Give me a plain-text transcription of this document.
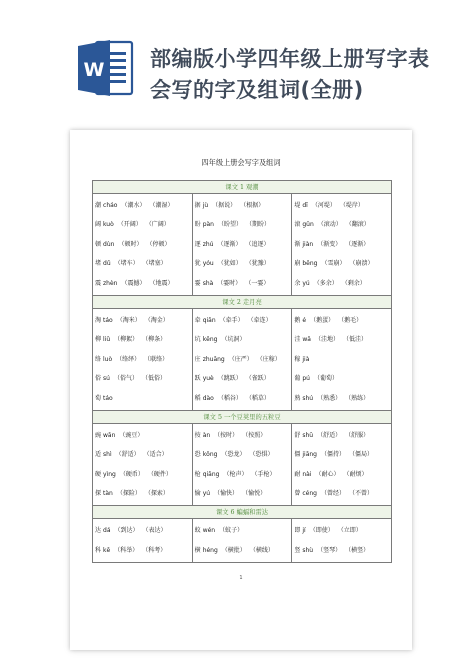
W 部编版小学四年级上册写字表
会写的字及组词(全册)
四年级上册会写字及组词
课文 1 观潮
潮 cháo （潮水） （潮湿）
阔 kuò （开阔） （广阔）
顿 dùn （顿时） （停顿）
堵 dǔ （堵车） （堵塞）
震 zhèn （震撼） （地震）
据 jù （据说） （根据）
盼 pàn （盼望） （期盼）
逐 zhú （逐渐） （追逐）
犹 yóu （犹如） （犹豫）
霎 shà （霎时） （一霎）
堤 dī （河堤） （堤岸）
滚 gǔn （滚动） （翻滚）
渐 jiàn （渐变） （逐渐）
崩 bēng （雪崩） （崩溃）
余 yú （多余） （剩余）
课文 2 走月亮
淘 táo （淘米） （淘金）
柳 liǔ （柳絮） （柳条）
络 luò （络绎） （联络）
俗 sú （俗气） （低俗）
萄 táo
牵 qiān （牵手） （牵连）
坑 kēng （坑洞）
庄 zhuāng （庄严） （庄稼）
跃 yuè （跳跃） （雀跃）
稻 dào （稻谷） （稻草）
鹅 é （鹅蛋） （鹅毛）
洼 wā （洼地） （低洼）
稼 jià
葡 pú （葡萄）
熟 shú （熟悉） （熟练）
课文 5 一个豆荚里的五粒豆
豌 wān （豌豆）
适 shì （舒适） （适合）
硬 yìng （硬币） （硬件）
探 tàn （探险） （探索）
按 àn （按时） （按照）
恐 kǒng （恐龙） （恐惧）
枪 qiāng （枪声） （手枪）
愉 yú （愉快） （愉悦）
舒 shū （舒适） （舒服）
僵 jiāng （僵持） （僵局）
耐 nài （耐心） （耐烦）
曾 céng （曾经） （不曾）
课文 6 蝙蝠和雷达
达 dá （到达） （表达）
科 kē （科举） （科考）
蚊 wén （蚊子）
横 héng （横批） （横线）
即 jí （即使） （立即）
竖 shù （竖琴） （横竖）
1
